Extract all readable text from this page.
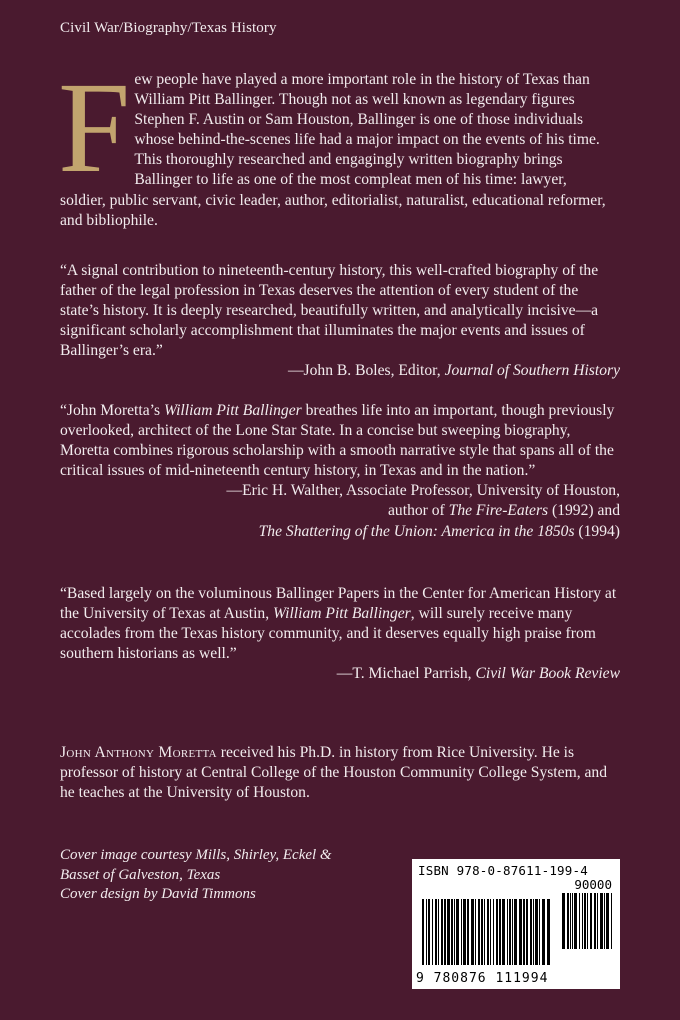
Civil War/Biography/Texas History
Few people have played a more important role in the history of Texas than William Pitt Ballinger. Though not as well known as legendary figures Stephen F. Austin or Sam Houston, Ballinger is one of those individuals whose behind-the-scenes life had a major impact on the events of his time. This thoroughly researched and engagingly written biography brings Ballinger to life as one of the most compleat men of his time: lawyer, soldier, public servant, civic leader, author, editorialist, naturalist, educational reformer, and bibliophile.

“A signal contribution to nineteenth-century history, this well-crafted biography of the father of the legal profession in Texas deserves the attention of every student of the state’s history. It is deeply researched, beautifully written, and analytically incisive—a significant scholarly accomplishment that illuminates the major events and issues of Ballinger’s era.”

—John B. Boles, Editor, Journal of Southern History

“John Moretta’s William Pitt Ballinger breathes life into an important, though previously overlooked, architect of the Lone Star State. In a concise but sweeping biography, Moretta combines rigorous scholarship with a smooth narrative style that spans all of the critical issues of mid-nineteenth century history, in Texas and in the nation.”

—Eric H. Walther, Associate Professor, University of Houston,
author of The Fire-Eaters (1992) and
The Shattering of the Union: America in the 1850s (1994)

“Based largely on the voluminous Ballinger Papers in the Center for American History at the University of Texas at Austin, William Pitt Ballinger, will surely receive many accolades from the Texas history community, and it deserves equally high praise from southern historians as well.”

—T. Michael Parrish, Civil War Book Review

John Anthony Moretta received his Ph.D. in history from Rice University. He is professor of history at Central College of the Houston Community College System, and he teaches at the University of Houston.
Cover image courtesy Mills, Shirley, Eckel &
Basset of Galveston, Texas
Cover design by David Timmons
ISBN 978-0-87611-199-4
90000
9 780876 111994
